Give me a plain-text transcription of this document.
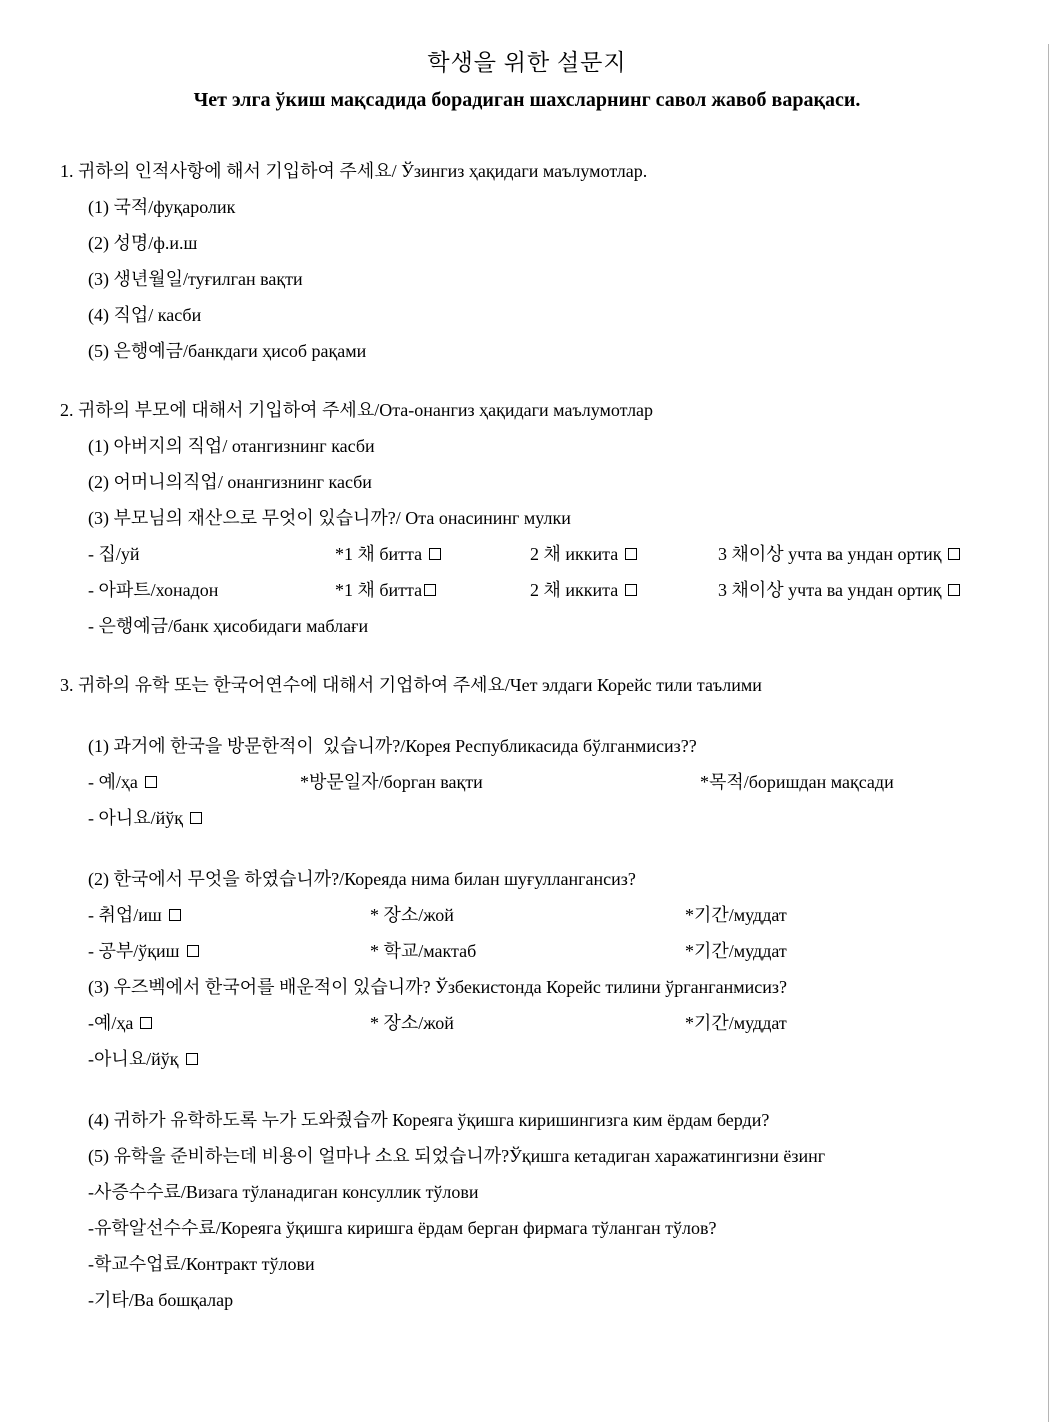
학생을 위한 설문지
Чет элга ўкиш мақсадида борадиган шахсларнинг савол жавоб варақаси.
1. 귀하의 인적사항에 해서 기입하여 주세요/ Ўзингиз ҳақидаги маълумотлар.
(1) 국적/фуқаролик
(2) 성명/ф.и.ш
(3) 생년월일/туғилган вақти
(4) 직업/ касби
(5) 은행예금/банкдаги ҳисоб рақами
2. 귀하의 부모에 대해서 기입하여 주세요/Ота-онангиз ҳақидаги маълумотлар
(1) 아버지의 직업/ отангизнинг касби
(2) 어머니의직업/ онангизнинг касби
(3) 부모님의 재산으로 무엇이 있습니까?/ Ота онасининг мулки
- 집/уй	*1 채 битта	2 채 иккита	3 채이상 учта ва ундан ортиқ
- 아파트/хонадон	*1 채 битта	2 채 иккита	3 채이상 учта ва ундан ортиқ
- 은행예금/банк ҳисобидаги маблағи
3. 귀하의 유학 또는 한국어연수에 대해서 기업하여 주세요/Чет элдаги Корейс тили таълими
(1) 과거에 한국을 방문한적이  있습니까?/Корея Республикасида бўлганмисиз??
- 예/ҳа	*방문일자/борган вақти	*목적/боришдан мақсади
- 아니요/йўқ
(2) 한국에서 무엇을 하였습니까?/Кореяда нима билан шуғуллангансиз?
- 취업/иш	* 장소/жой	*기간/муддат
- 공부/ўқиш	* 학교/мактаб	*기간/муддат
(3) 우즈벡에서 한국어를 배운적이 있습니까? Ўзбекистонда Корейс тилини ўрганганмисиз?
-예/ҳа	* 장소/жой	*기간/муддат
-아니요/йўқ
(4) 귀하가 유학하도록 누가 도와줬습까 Кореяга ўқишга киришингизга ким ёрдам берди?
(5) 유학을 준비하는데 비용이 얼마나 소요 되었습니까?Ўқишга кетадиган харажатингизни ёзинг
-사증수수료/Визага тўланадиган консуллик тўлови
-유학알선수수료/Кореяга ўқишга киришга ёрдам берган фирмага тўланган тўлов?
-학교수업료/Контракт тўлови
-기타/Ва бошқалар
